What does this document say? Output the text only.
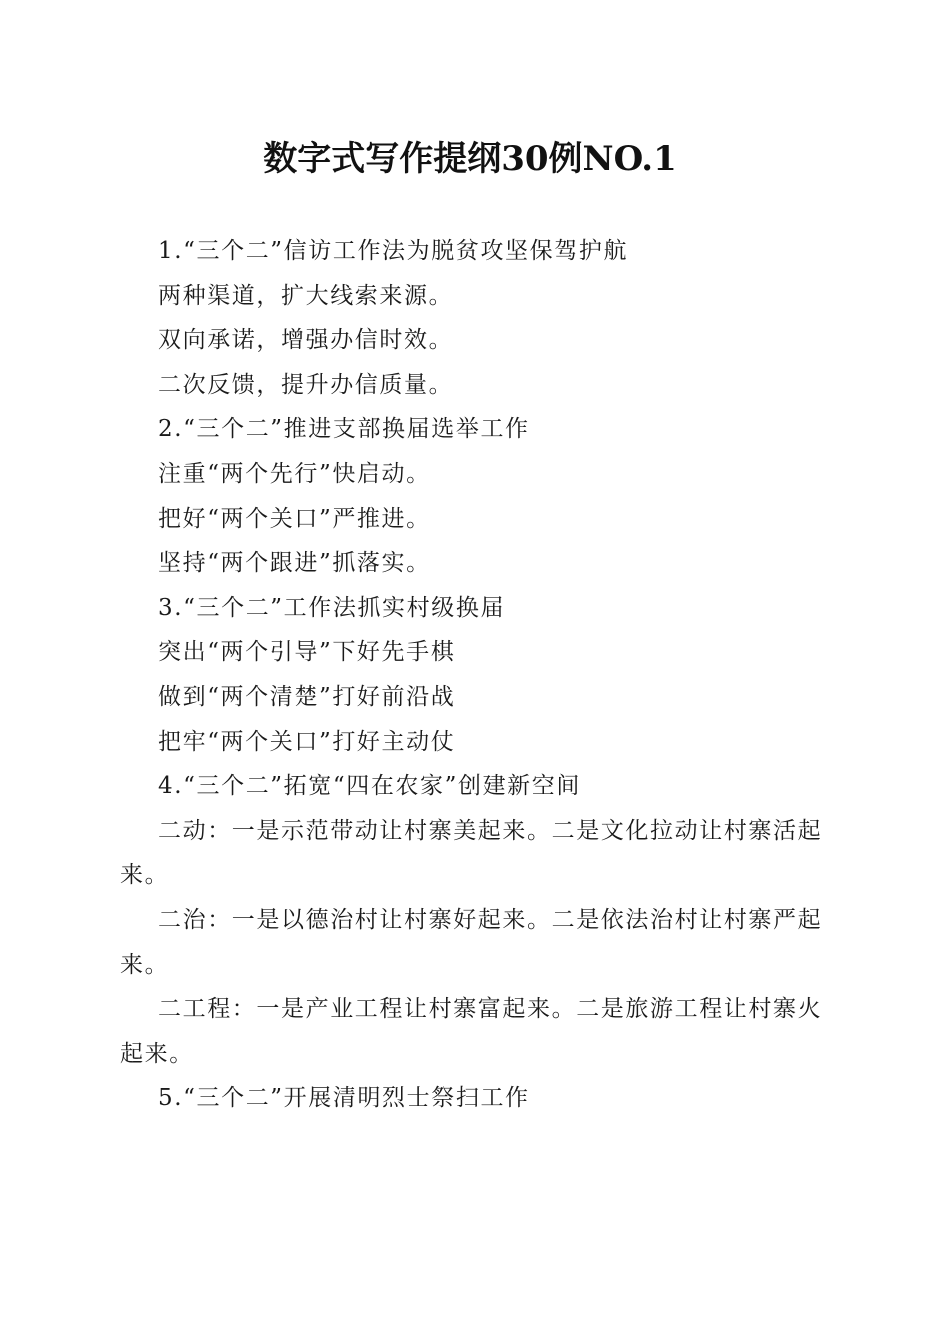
数字式写作提纲30例NO.1

1.“三个二”信访工作法为脱贫攻坚保驾护航

两种渠道，扩大线索来源。

双向承诺，增强办信时效。

二次反馈，提升办信质量。

2.“三个二”推进支部换届选举工作

注重“两个先行”快启动。

把好“两个关口”严推进。

坚持“两个跟进”抓落实。

3.“三个二”工作法抓实村级换届

突出“两个引导”下好先手棋

做到“两个清楚”打好前沿战

把牢“两个关口”打好主动仗

4.“三个二”拓宽“四在农家”创建新空间

二动：一是示范带动让村寨美起来。二是文化拉动让村寨活起来。

二治：一是以德治村让村寨好起来。二是依法治村让村寨严起来。

二工程：一是产业工程让村寨富起来。二是旅游工程让村寨火起来。

5.“三个二”开展清明烈士祭扫工作
